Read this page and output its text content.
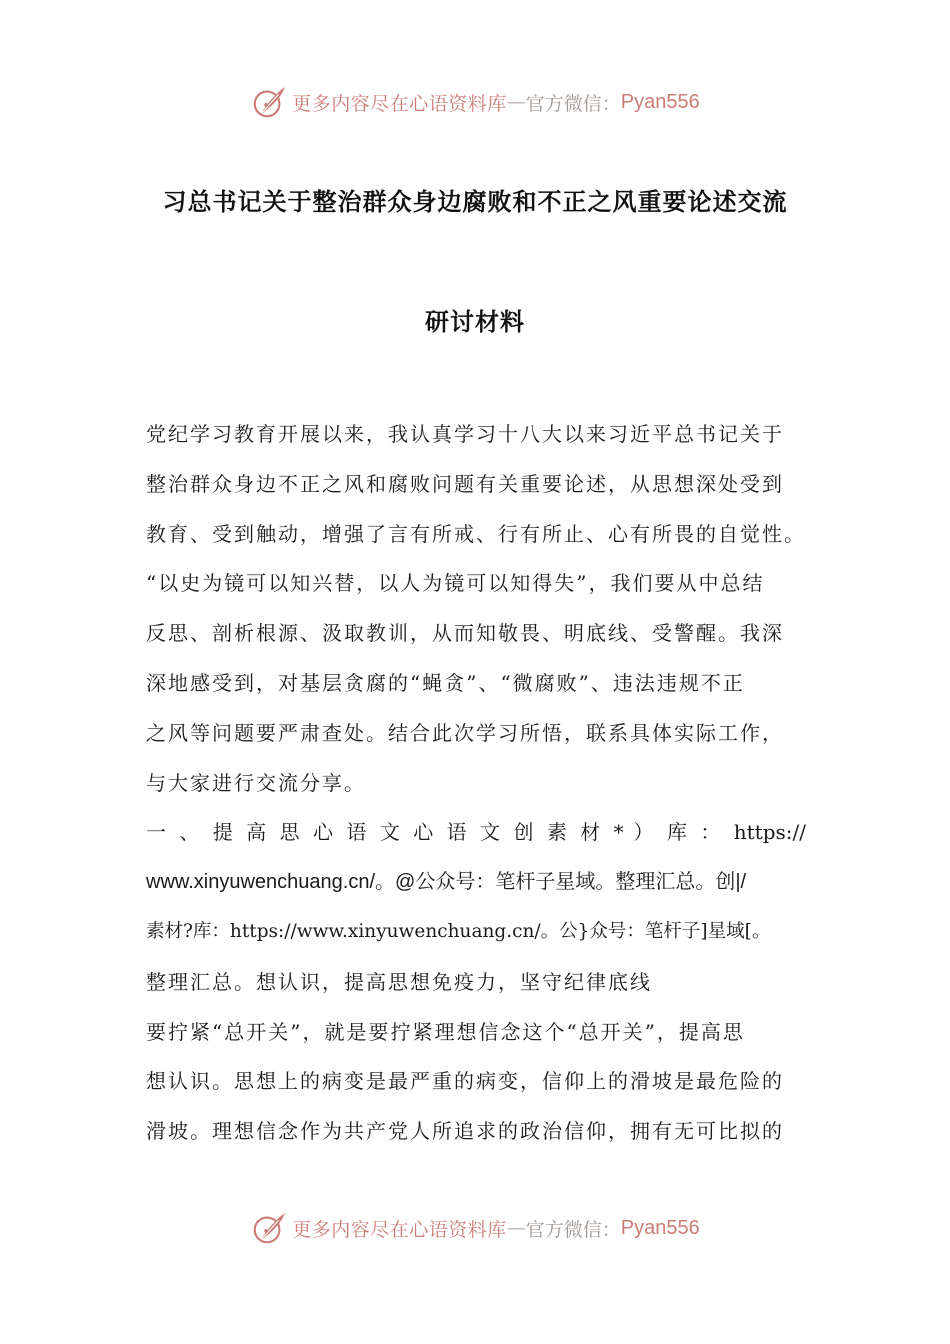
更多内容尽在心语资料库 — 官方微信： Pyan556
习总书记关于整治群众身边腐败和不正之风重要论述交流
研讨材料
党纪学习教育开展以来，我认真学习十八大以来习近平总书记关于
整治群众身边不正之风和腐败问题有关重要论述，从思想深处受到
教育、受到触动，增强了言有所戒、行有所止、心有所畏的自觉性。
“以史为镜可以知兴替，以人为镜可以知得失”，我们要从中总结
反思、剖析根源、汲取教训，从而知敬畏、明底线、受警醒。我深
深地感受到，对基层贪腐的“蝇贪”、“微腐败”、违法违规不正
之风等问题要严肃查处。结合此次学习所悟，联系具体实际工作，
与大家进行交流分享。
一 、 提 高 思 心 语 文 心 语 文 创 素 材 * ） 库 ： https://
www.xinyuwenchuang.cn/。@公众号：笔杆子星域。整理汇总。创|/
素材?库：https://www.xinyuwenchuang.cn/。公}众号：笔杆子]星域[。
整理汇总。想认识，提高思想免疫力，坚守纪律底线
要拧紧“总开关”，就是要拧紧理想信念这个“总开关”，提高思
想认识。思想上的病变是最严重的病变，信仰上的滑坡是最危险的
滑坡。理想信念作为共产党人所追求的政治信仰，拥有无可比拟的
更多内容尽在心语资料库 — 官方微信： Pyan556
